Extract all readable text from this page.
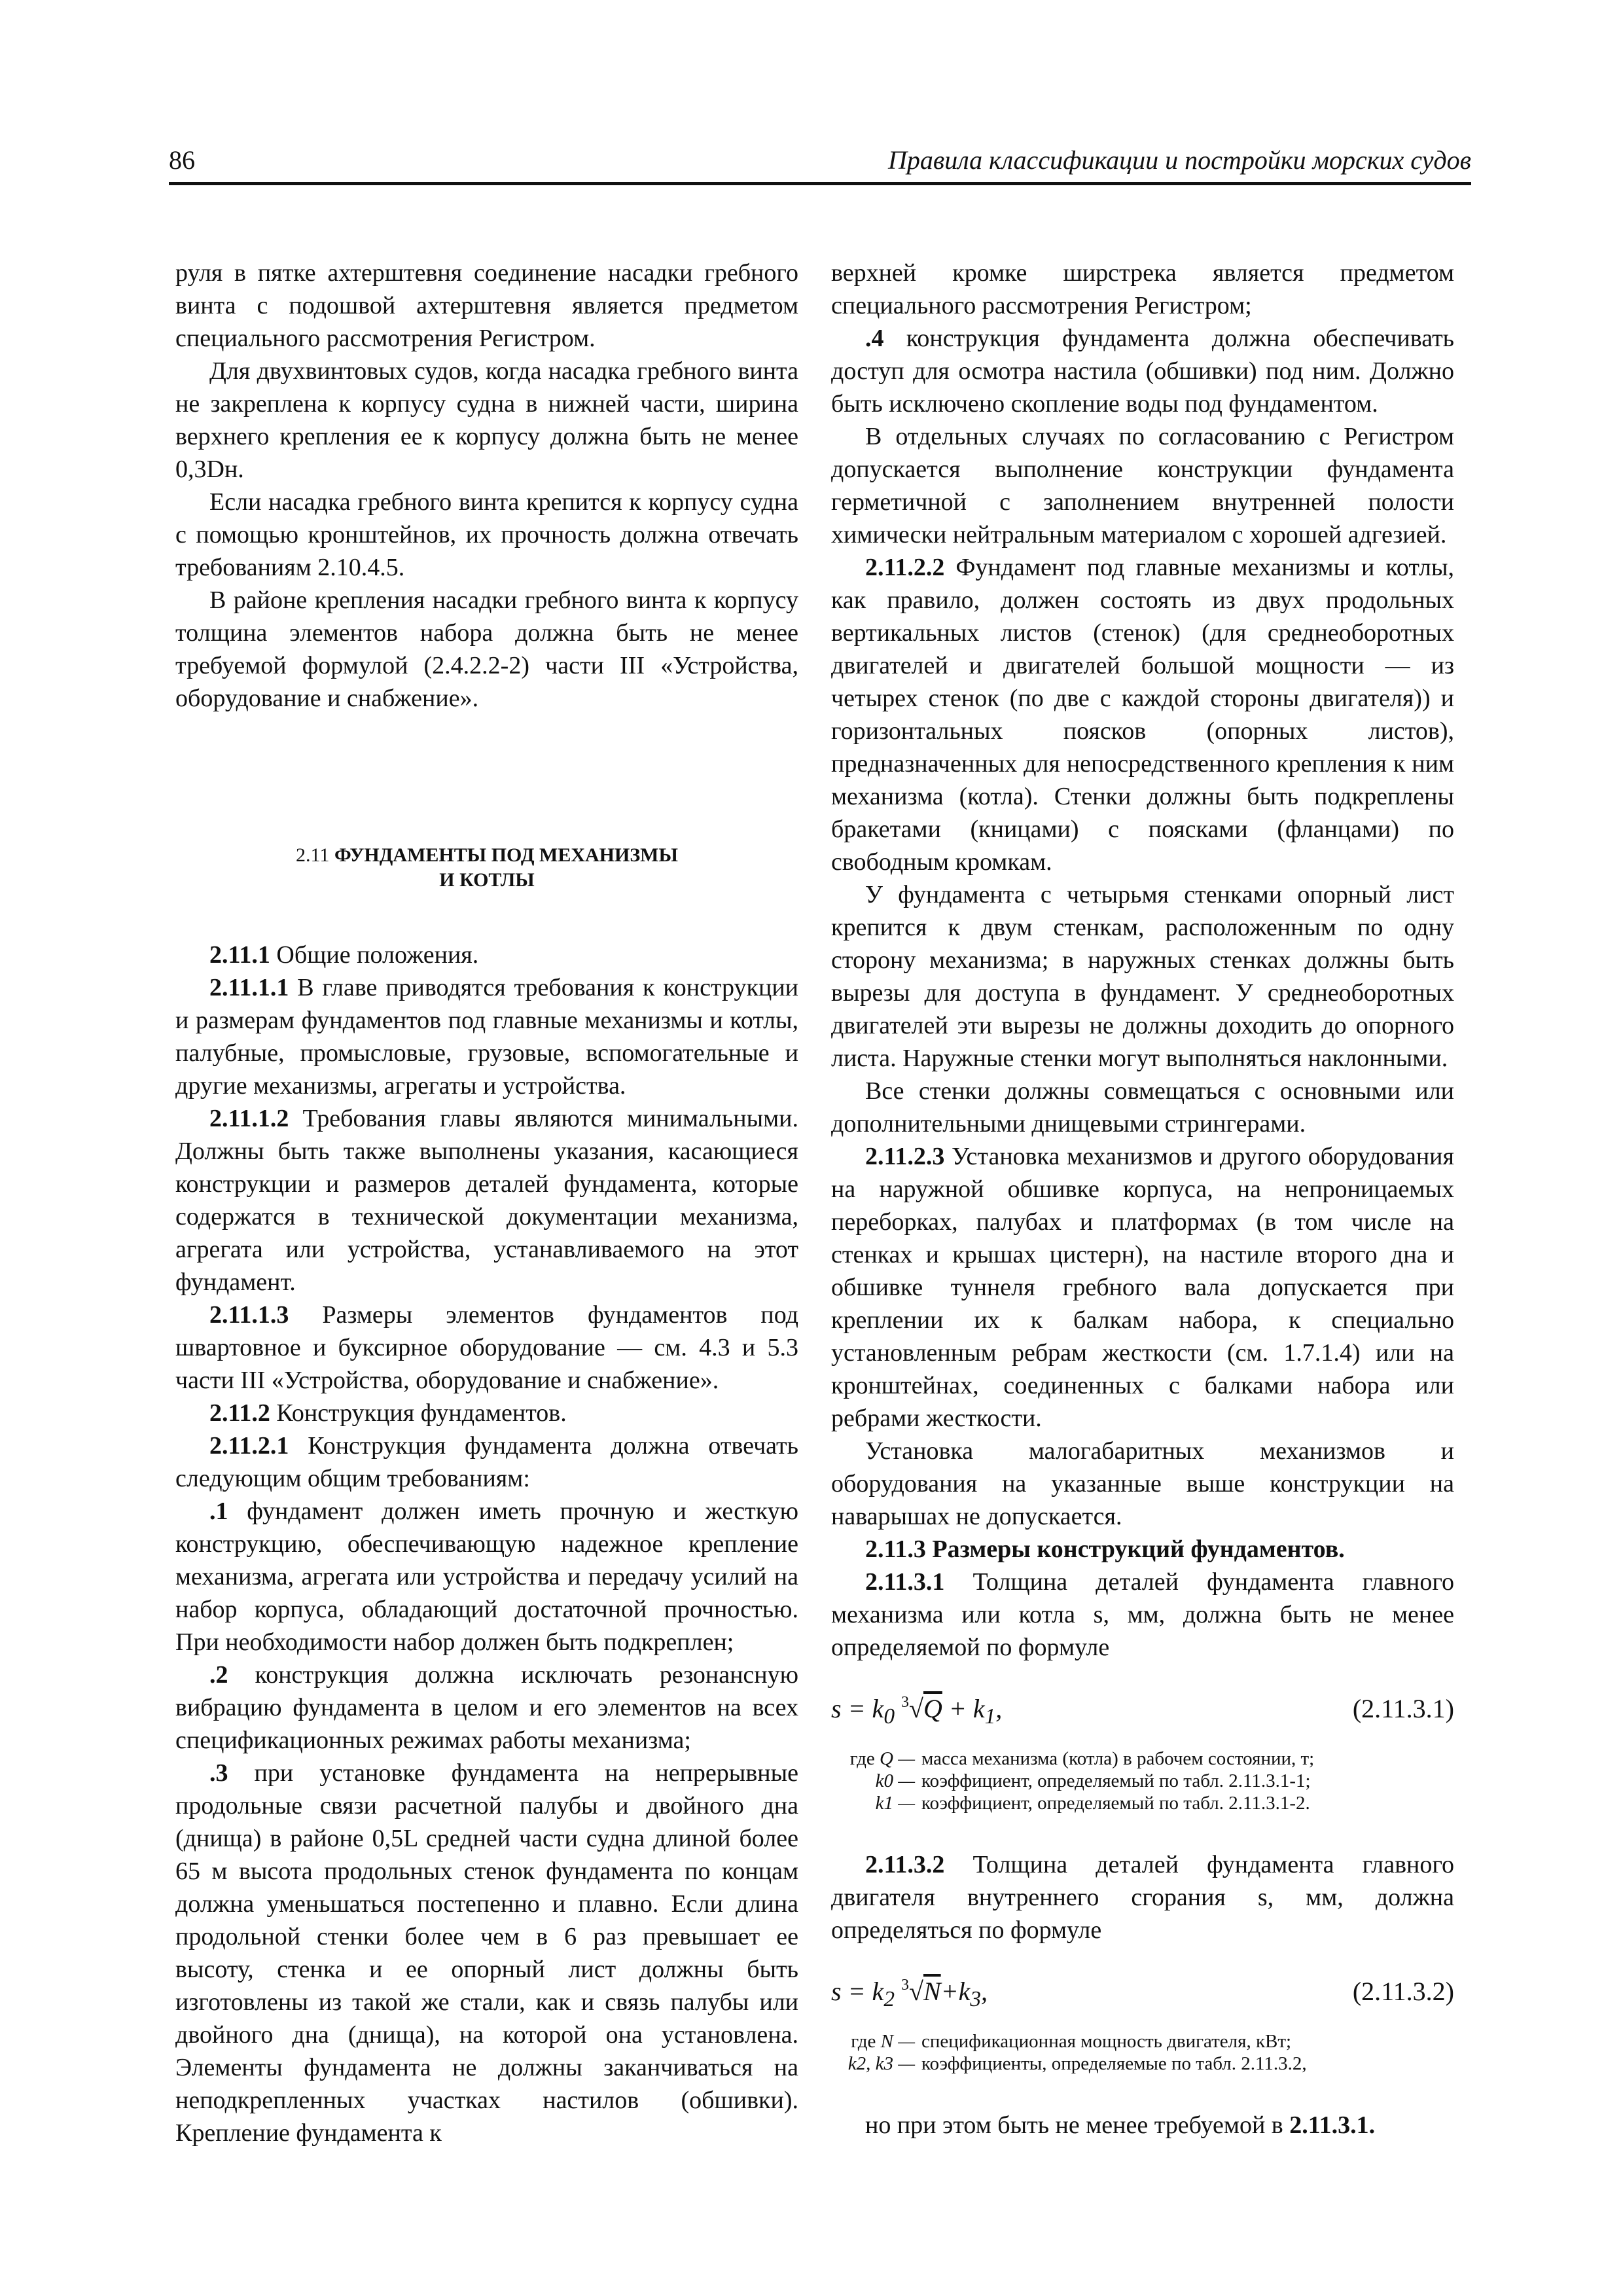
86	Правила классификации и постройки морских судов

руля в пятке ахтерштевня соединение насадки гребного винта с подошвой ахтерштевня является предметом специального рассмотрения Регистром.

Для двухвинтовых судов, когда насадка гребного винта не закреплена к корпусу судна в нижней части, ширина верхнего крепления ее к корпусу должна быть не менее 0,3Dн.

Если насадка гребного винта крепится к корпусу судна с помощью кронштейнов, их прочность должна отвечать требованиям 2.10.4.5.

В районе крепления насадки гребного винта к корпусу толщина элементов набора должна быть не менее требуемой формулой (2.4.2.2-2) части III «Устройства, оборудование и снабжение».

2.11 ФУНДАМЕНТЫ ПОД МЕХАНИЗМЫ
И КОТЛЫ

2.11.1 Общие положения.

2.11.1.1 В главе приводятся требования к конструкции и размерам фундаментов под главные механизмы и котлы, палубные, промысловые, грузовые, вспомогательные и другие механизмы, агрегаты и устройства.

2.11.1.2 Требования главы являются минимальными. Должны быть также выполнены указания, касающиеся конструкции и размеров деталей фундамента, которые содержатся в технической документации механизма, агрегата или устройства, устанавливаемого на этот фундамент.

2.11.1.3 Размеры элементов фундаментов под швартовное и буксирное оборудование — см. 4.3 и 5.3 части III «Устройства, оборудование и снабжение».

2.11.2 Конструкция фундаментов.

2.11.2.1 Конструкция фундамента должна отвечать следующим общим требованиям:

.1 фундамент должен иметь прочную и жесткую конструкцию, обеспечивающую надежное крепление механизма, агрегата или устройства и передачу усилий на набор корпуса, обладающий достаточной прочностью. При необходимости набор должен быть подкреплен;

.2 конструкция должна исключать резонансную вибрацию фундамента в целом и его элементов на всех спецификационных режимах работы механизма;

.3 при установке фундамента на непрерывные продольные связи расчетной палубы и двойного дна (днища) в районе 0,5L средней части судна длиной более 65 м высота продольных стенок фундамента по концам должна уменьшаться постепенно и плавно. Если длина продольной стенки более чем в 6 раз превышает ее высоту, стенка и ее опорный лист должны быть изготовлены из такой же стали, как и связь палубы или двойного дна (днища), на которой она установлена. Элементы фундамента не должны заканчиваться на неподкрепленных участках настилов (обшивки). Крепление фундамента к

верхней кромке ширстрека является предметом специального рассмотрения Регистром;

.4 конструкция фундамента должна обеспечивать доступ для осмотра настила (обшивки) под ним. Должно быть исключено скопление воды под фундаментом.

В отдельных случаях по согласованию с Регистром допускается выполнение конструкции фундамента герметичной с заполнением внутренней полости химически нейтральным материалом с хорошей адгезией.

2.11.2.2 Фундамент под главные механизмы и котлы, как правило, должен состоять из двух продольных вертикальных листов (стенок) (для среднеоборотных двигателей и двигателей большой мощности — из четырех стенок (по две с каждой стороны двигателя)) и горизонтальных поясков (опорных листов), предназначенных для непосредственного крепления к ним механизма (котла). Стенки должны быть подкреплены бракетами (кницами) с поясками (фланцами) по свободным кромкам.

У фундамента с четырьмя стенками опорный лист крепится к двум стенкам, расположенным по одну сторону механизма; в наружных стенках должны быть вырезы для доступа в фундамент. У среднеоборотных двигателей эти вырезы не должны доходить до опорного листа. Наружные стенки могут выполняться наклонными.

Все стенки должны совмещаться с основными или дополнительными днищевыми стрингерами.

2.11.2.3 Установка механизмов и другого оборудования на наружной обшивке корпуса, на непроницаемых переборках, палубах и платформах (в том числе на стенках и крышах цистерн), на настиле второго дна и обшивке туннеля гребного вала допускается при креплении их к балкам набора, к специально установленным ребрам жесткости (см. 1.7.1.4) или на кронштейнах, соединенных с балками набора или ребрами жесткости.

Установка малогабаритных механизмов и оборудования на указанные выше конструкции на наварышах не допускается.

2.11.3 Размеры конструкций фундаментов.

2.11.3.1 Толщина деталей фундамента главного механизма или котла s, мм, должна быть не менее определяемой по формуле

$s = k_0$ $^3√Q + k_1$,	(2.11.3.1)
где Q — масса механизма (котла) в рабочем состоянии, т;
k0 — коэффициент, определяемый по табл. 2.11.3.1-1;
k1 — коэффициент, определяемый по табл. 2.11.3.1-2.

2.11.3.2 Толщина деталей фундамента главного двигателя внутреннего сгорания s, мм, должна определяться по формуле

$s = k_2$ $^3√N+k_3$,	(2.11.3.2)
где N — спецификационная мощность двигателя, кВт;
k2, k3 — коэффициенты, определяемые по табл. 2.11.3.2,

но при этом быть не менее требуемой в 2.11.3.1.
